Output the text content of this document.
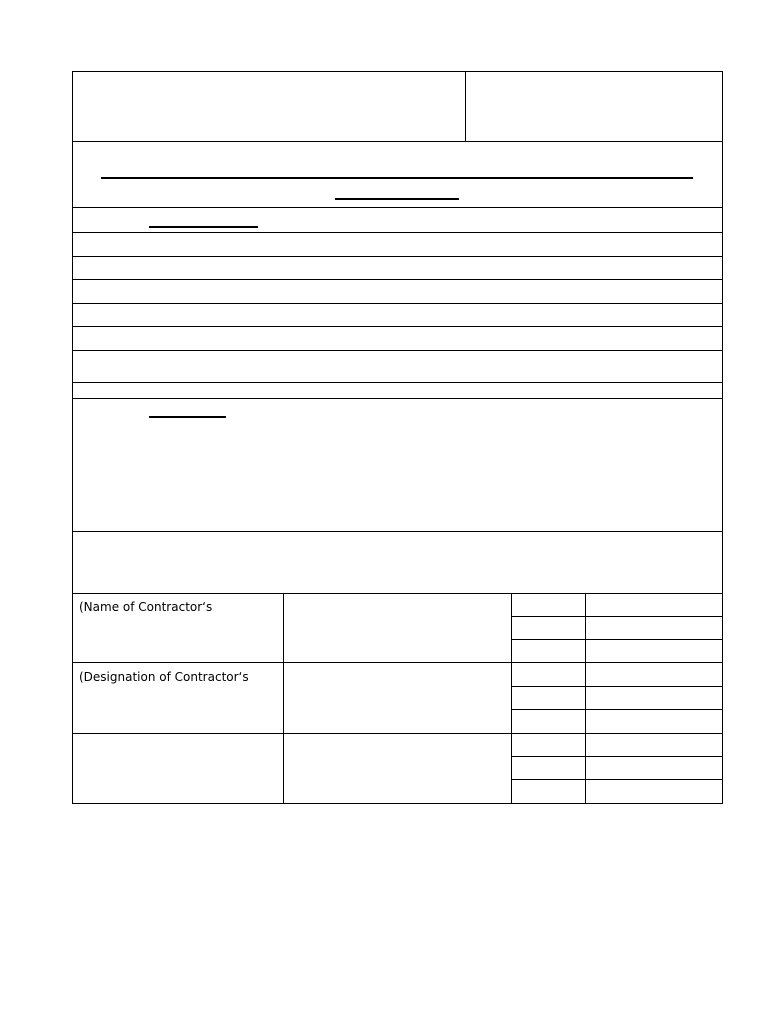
(Name of Contractor‘s
(Designation of Contractor‘s
